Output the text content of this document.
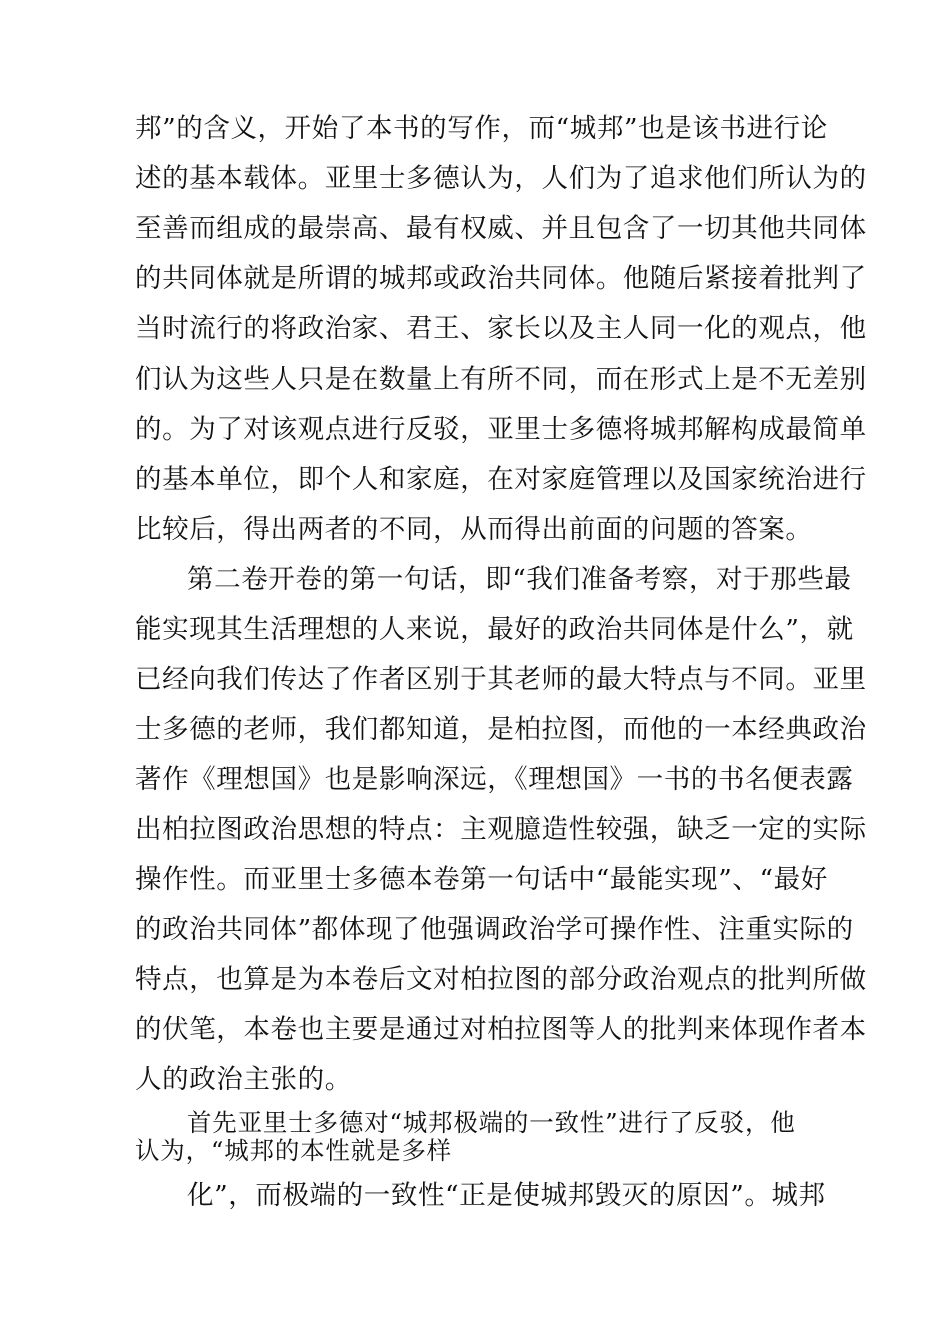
邦”的含义，开始了本书的写作，而“城邦”也是该书进行论
述的基本载体。亚里士多德认为，人们为了追求他们所认为的
至善而组成的最崇高、最有权威、并且包含了一切其他共同体
的共同体就是所谓的城邦或政治共同体。他随后紧接着批判了
当时流行的将政治家、君王、家长以及主人同一化的观点，他
们认为这些人只是在数量上有所不同，而在形式上是不无差别
的。为了对该观点进行反驳，亚里士多德将城邦解构成最简单
的基本单位，即个人和家庭，在对家庭管理以及国家统治进行
比较后，得出两者的不同，从而得出前面的问题的答案。
第二卷开卷的第一句话，即“我们准备考察，对于那些最
能实现其生活理想的人来说，最好的政治共同体是什么”，就
已经向我们传达了作者区别于其老师的最大特点与不同。亚里
士多德的老师，我们都知道，是柏拉图，而他的一本经典政治
著作《理想国》也是影响深远，《理想国》一书的书名便表露
出柏拉图政治思想的特点：主观臆造性较强，缺乏一定的实际
操作性。而亚里士多德本卷第一句话中“最能实现”、“最好
的政治共同体”都体现了他强调政治学可操作性、注重实际的
特点，也算是为本卷后文对柏拉图的部分政治观点的批判所做
的伏笔，本卷也主要是通过对柏拉图等人的批判来体现作者本
人的政治主张的。
首先亚里士多德对“城邦极端的一致性”进行了反驳，他
认为，“城邦的本性就是多样
化”，而极端的一致性“正是使城邦毁灭的原因”。城邦
